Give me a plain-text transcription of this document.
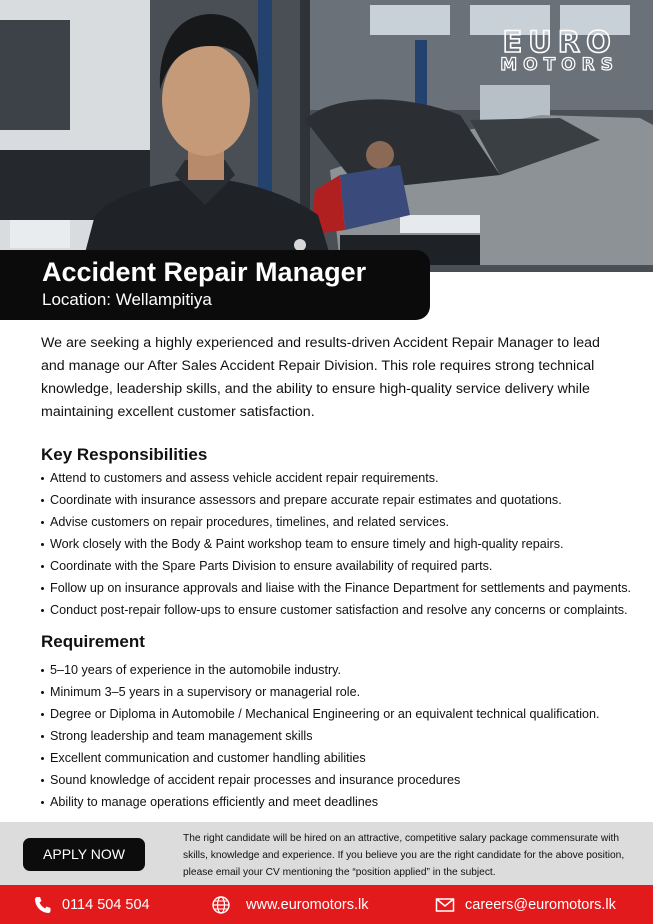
EURO
MOTORS
Accident Repair Manager
Location: Wellampitiya

We are seeking a highly experienced and results-driven Accident Repair Manager to lead and manage our After Sales Accident Repair Division. This role requires strong technical knowledge, leadership skills, and the ability to ensure high-quality service delivery while maintaining excellent customer satisfaction.

Key Responsibilities
Attend to customers and assess vehicle accident repair requirements.
Coordinate with insurance assessors and prepare accurate repair estimates and quotations.
Advise customers on repair procedures, timelines, and related services.
Work closely with the Body & Paint workshop team to ensure timely and high-quality repairs.
Coordinate with the Spare Parts Division to ensure availability of required parts.
Follow up on insurance approvals and liaise with the Finance Department for settlements and payments.
Conduct post-repair follow-ups to ensure customer satisfaction and resolve any concerns or complaints.
Requirement
5–10 years of experience in the automobile industry.
Minimum 3–5 years in a supervisory or managerial role.
Degree or Diploma in Automobile / Mechanical Engineering or an equivalent technical qualification.
Strong leadership and team management skills
Excellent communication and customer handling abilities
Sound knowledge of accident repair processes and insurance procedures
Ability to manage operations efficiently and meet deadlines
APPLY NOW
The right candidate will be hired on an attractive, competitive salary package commensurate with skills, knowledge and experience. If you believe you are the right candidate for the above position, please email your CV mentioning the “position applied” in the subject.
0114 504 504	www.euromotors.lk	careers@euromotors.lk
